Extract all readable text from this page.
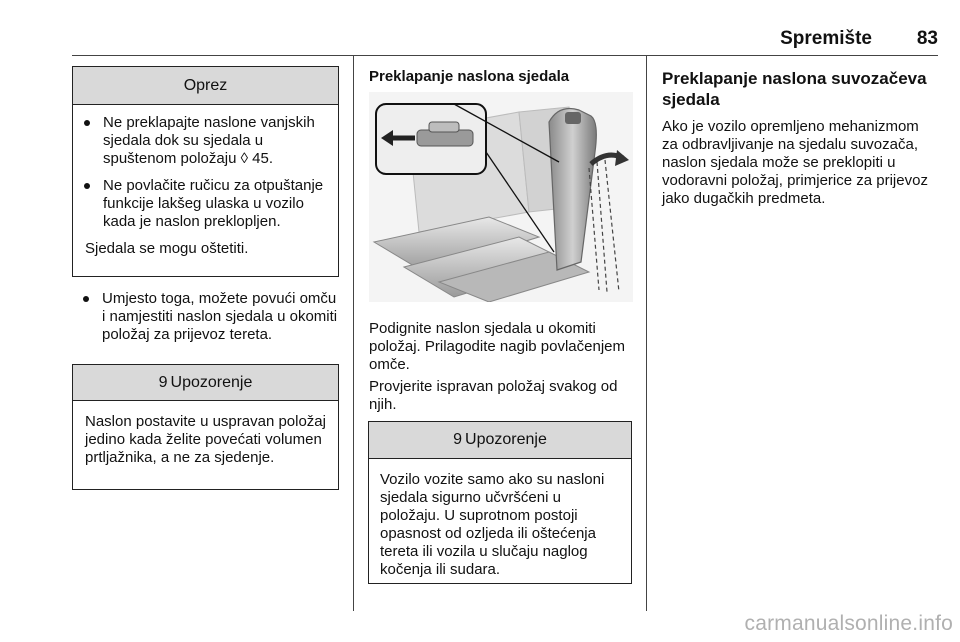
Spremište	83
Oprez
Ne preklapajte naslone vanjskih sjedala dok su sjedala u spuštenom položaju ◊ 45.
Ne povlačite ručicu za otpuštanje funkcije lakšeg ulaska u vozilo kada je naslon preklopljen.

Sjedala se mogu oštetiti.

Umjesto toga, možete povući omču i namjestiti naslon sjedala u okomiti položaj za prijevoz tereta.
9 Upozorenje

Naslon postavite u uspravan položaj jedino kada želite povećati volumen prtljažnika, a ne za sjedenje.

Preklapanje naslona sjedala

Podignite naslon sjedala u okomiti položaj. Prilagodite nagib povlačenjem omče.

Provjerite ispravan položaj svakog od njih.

9 Upozorenje

Vozilo vozite samo ako su nasloni sjedala sigurno učvršćeni u položaju. U suprotnom postoji opasnost od ozljeda ili oštećenja tereta ili vozila u slučaju naglog kočenja ili sudara.

Preklapanje naslona suvozačeva sjedala

Ako je vozilo opremljeno mehanizmom za odbravljivanje na sjedalu suvozača, naslon sjedala može se preklopiti u vodoravni položaj, primjerice za prijevoz jako dugačkih predmeta.

carmanualsonline.info
